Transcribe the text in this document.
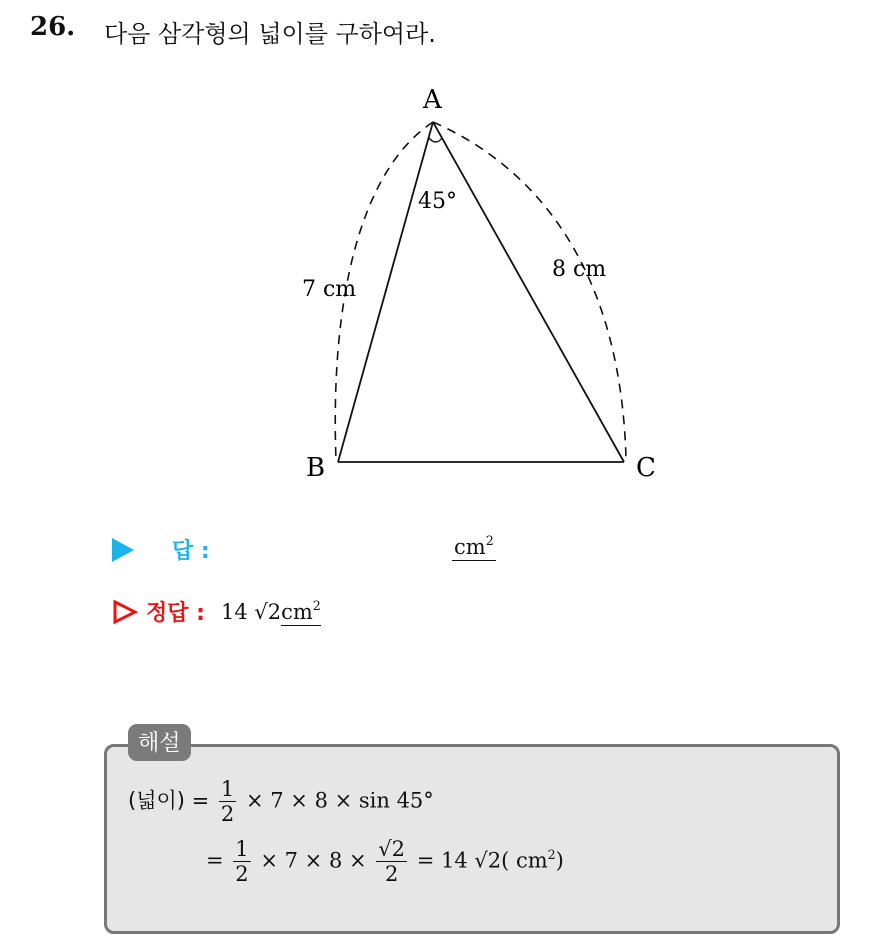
26. 다음 삼각형의 넓이를 구하여라.
A
B	C
45°
7 cm
8 cm
답 :	$cm^2$
정답 : 14 $√2cm^2$
해설
(넓이) = $\frac{1}{2} \times 7 \times 8 \times \sin 45^\circ$
= $\frac{1}{2} \times 7 \times 8 \times \frac{√2}{2} = 14$ √2( $cm^2$)
